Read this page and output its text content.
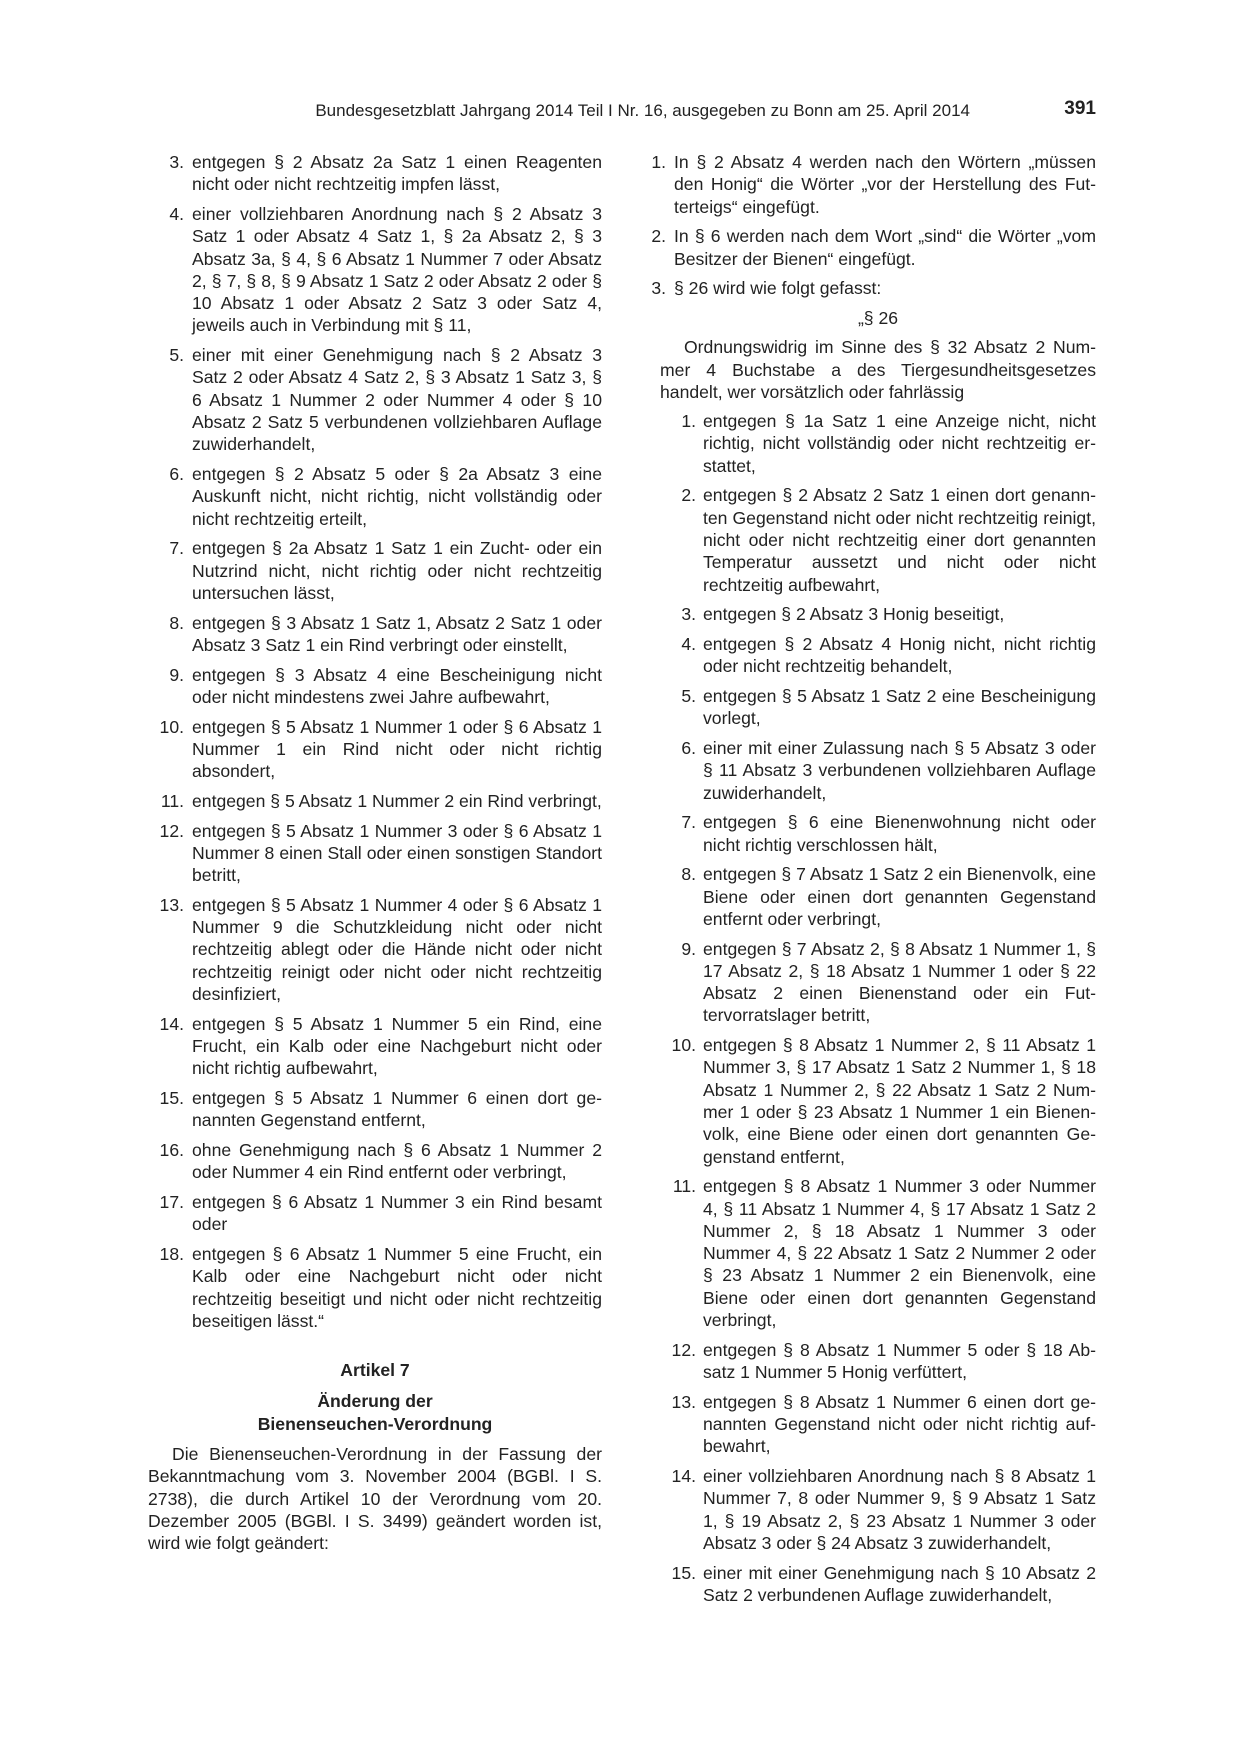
Bundesgesetzblatt Jahrgang 2014 Teil I Nr. 16, ausgegeben zu Bonn am 25. April 2014	391
3. entgegen § 2 Absatz 2a Satz 1 einen Reagenten nicht oder nicht rechtzeitig impfen lässt,
4. einer vollziehbaren Anordnung nach § 2 Absatz 3 Satz 1 oder Absatz 4 Satz 1, § 2a Absatz 2, § 3 Absatz 3a, § 4, § 6 Absatz 1 Nummer 7 oder Absatz 2, § 7, § 8, § 9 Absatz 1 Satz 2 oder Absatz 2 oder § 10 Absatz 1 oder Absatz 2 Satz 3 oder Satz 4, jeweils auch in Verbindung mit § 11,
5. einer mit einer Genehmigung nach § 2 Absatz 3 Satz 2 oder Absatz 4 Satz 2, § 3 Absatz 1 Satz 3, § 6 Absatz 1 Nummer 2 oder Nummer 4 oder § 10 Absatz 2 Satz 5 verbundenen vollziehbaren Auflage zuwiderhandelt,
6. entgegen § 2 Absatz 5 oder § 2a Absatz 3 eine Auskunft nicht, nicht richtig, nicht vollständig oder nicht rechtzeitig erteilt,
7. entgegen § 2a Absatz 1 Satz 1 ein Zucht- oder ein Nutzrind nicht, nicht richtig oder nicht rechtzeitig untersuchen lässt,
8. entgegen § 3 Absatz 1 Satz 1, Absatz 2 Satz 1 oder Absatz 3 Satz 1 ein Rind verbringt oder einstellt,
9. entgegen § 3 Absatz 4 eine Bescheinigung nicht oder nicht mindestens zwei Jahre aufbewahrt,
10. entgegen § 5 Absatz 1 Nummer 1 oder § 6 Absatz 1 Nummer 1 ein Rind nicht oder nicht richtig absondert,
11. entgegen § 5 Absatz 1 Nummer 2 ein Rind verbringt,
12. entgegen § 5 Absatz 1 Nummer 3 oder § 6 Absatz 1 Nummer 8 einen Stall oder einen sonstigen Standort betritt,
13. entgegen § 5 Absatz 1 Nummer 4 oder § 6 Absatz 1 Nummer 9 die Schutzkleidung nicht oder nicht rechtzeitig ablegt oder die Hände nicht oder nicht rechtzeitig reinigt oder nicht oder nicht rechtzeitig desinfiziert,
14. entgegen § 5 Absatz 1 Nummer 5 ein Rind, eine Frucht, ein Kalb oder eine Nachgeburt nicht oder nicht richtig aufbewahrt,
15. entgegen § 5 Absatz 1 Nummer 6 einen dort genannten Gegenstand entfernt,
16. ohne Genehmigung nach § 6 Absatz 1 Nummer 2 oder Nummer 4 ein Rind entfernt oder verbringt,
17. entgegen § 6 Absatz 1 Nummer 3 ein Rind besamt oder
18. entgegen § 6 Absatz 1 Nummer 5 eine Frucht, ein Kalb oder eine Nachgeburt nicht oder nicht rechtzeitig beseitigt und nicht oder nicht rechtzeitig beseitigen lässt.“
Artikel 7
Änderung der
Bienenseuchen-Verordnung
Die Bienenseuchen-Verordnung in der Fassung der Bekanntmachung vom 3. November 2004 (BGBl. I S. 2738), die durch Artikel 10 der Verordnung vom 20. Dezember 2005 (BGBl. I S. 3499) geändert worden ist, wird wie folgt geändert:
1. In § 2 Absatz 4 werden nach den Wörtern „müssen den Honig“ die Wörter „vor der Herstellung des Futterteigs“ eingefügt.
2. In § 6 werden nach dem Wort „sind“ die Wörter „vom Besitzer der Bienen“ eingefügt.
3. § 26 wird wie folgt gefasst:
„§ 26
Ordnungswidrig im Sinne des § 32 Absatz 2 Nummer 4 Buchstabe a des Tiergesundheitsgesetzes handelt, wer vorsätzlich oder fahrlässig
1. entgegen § 1a Satz 1 eine Anzeige nicht, nicht richtig, nicht vollständig oder nicht rechtzeitig erstattet,
2. entgegen § 2 Absatz 2 Satz 1 einen dort genannten Gegenstand nicht oder nicht rechtzeitig reinigt, nicht oder nicht rechtzeitig einer dort genannten Temperatur aussetzt und nicht oder nicht rechtzeitig aufbewahrt,
3. entgegen § 2 Absatz 3 Honig beseitigt,
4. entgegen § 2 Absatz 4 Honig nicht, nicht richtig oder nicht rechtzeitig behandelt,
5. entgegen § 5 Absatz 1 Satz 2 eine Bescheinigung vorlegt,
6. einer mit einer Zulassung nach § 5 Absatz 3 oder § 11 Absatz 3 verbundenen vollziehbaren Auflage zuwiderhandelt,
7. entgegen § 6 eine Bienenwohnung nicht oder nicht richtig verschlossen hält,
8. entgegen § 7 Absatz 1 Satz 2 ein Bienenvolk, eine Biene oder einen dort genannten Gegenstand entfernt oder verbringt,
9. entgegen § 7 Absatz 2, § 8 Absatz 1 Nummer 1, § 17 Absatz 2, § 18 Absatz 1 Nummer 1 oder § 22 Absatz 2 einen Bienenstand oder ein Futtervorratslager betritt,
10. entgegen § 8 Absatz 1 Nummer 2, § 11 Absatz 1 Nummer 3, § 17 Absatz 1 Satz 2 Nummer 1, § 18 Absatz 1 Nummer 2, § 22 Absatz 1 Satz 2 Nummer 1 oder § 23 Absatz 1 Nummer 1 ein Bienenvolk, eine Biene oder einen dort genannten Gegenstand entfernt,
11. entgegen § 8 Absatz 1 Nummer 3 oder Nummer 4, § 11 Absatz 1 Nummer 4, § 17 Absatz 1 Satz 2 Nummer 2, § 18 Absatz 1 Nummer 3 oder Nummer 4, § 22 Absatz 1 Satz 2 Nummer 2 oder § 23 Absatz 1 Nummer 2 ein Bienenvolk, eine Biene oder einen dort genannten Gegenstand verbringt,
12. entgegen § 8 Absatz 1 Nummer 5 oder § 18 Absatz 1 Nummer 5 Honig verfüttert,
13. entgegen § 8 Absatz 1 Nummer 6 einen dort genannten Gegenstand nicht oder nicht richtig aufbewahrt,
14. einer vollziehbaren Anordnung nach § 8 Absatz 1 Nummer 7, 8 oder Nummer 9, § 9 Absatz 1 Satz 1, § 19 Absatz 2, § 23 Absatz 1 Nummer 3 oder Absatz 3 oder § 24 Absatz 3 zuwiderhandelt,
15. einer mit einer Genehmigung nach § 10 Absatz 2 Satz 2 verbundenen Auflage zuwiderhandelt,
